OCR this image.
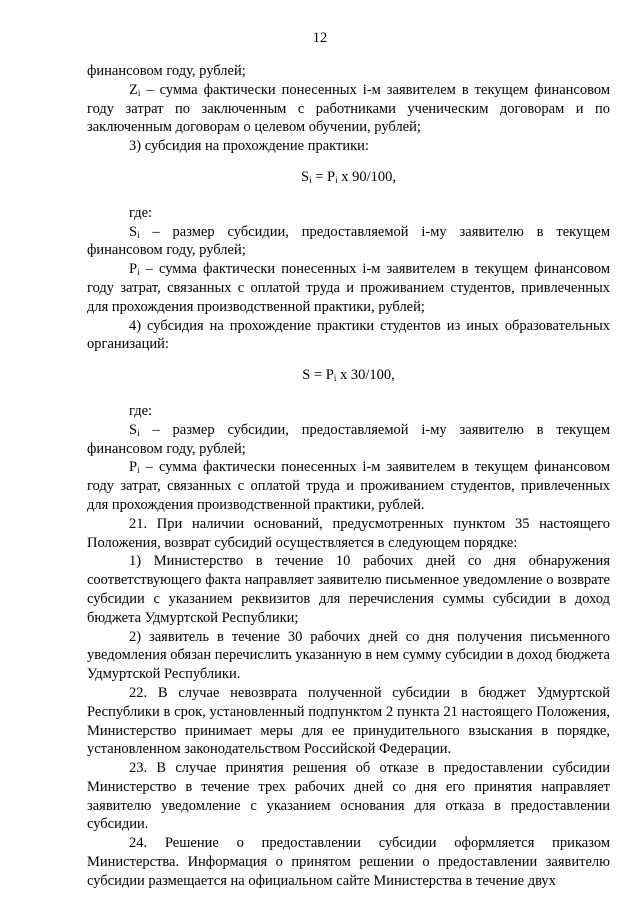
12

финансовом году, рублей;

$Z_i$ – сумма фактически понесенных i-м заявителем в текущем финансовом году затрат по заключенным с работниками ученическим договорам и по заключенным договорам о целевом обучении, рублей;

3) субсидия на прохождение практики:

$S_i = P_i$ x 90/100,

где:

$S_i$ – размер субсидии, предоставляемой i-му заявителю в текущем финансовом году, рублей;

$P_i$ – сумма фактически понесенных i-м заявителем в текущем финансовом году затрат, связанных с оплатой труда и проживанием студентов, привлеченных для прохождения производственной практики, рублей;

4) субсидия на прохождение практики студентов из иных образовательных организаций:

$S = P_i$ x 30/100,

где:

$S_i$ – размер субсидии, предоставляемой i-му заявителю в текущем финансовом году, рублей;

$P_i$ – сумма фактически понесенных i-м заявителем в текущем финансовом году затрат, связанных с оплатой труда и проживанием студентов, привлеченных для прохождения производственной практики, рублей.

21. При наличии оснований, предусмотренных пунктом 35 настоящего Положения, возврат субсидий осуществляется в следующем порядке:

1) Министерство в течение 10 рабочих дней со дня обнаружения соответствующего факта направляет заявителю письменное уведомление о возврате субсидии с указанием реквизитов для перечисления суммы субсидии в доход бюджета Удмуртской Республики;

2) заявитель в течение 30 рабочих дней со дня получения письменного уведомления обязан перечислить указанную в нем сумму субсидии в доход бюджета Удмуртской Республики.

22. В случае невозврата полученной субсидии в бюджет Удмуртской Республики в срок, установленный подпунктом 2 пункта 21 настоящего Положения, Министерство принимает меры для ее принудительного взыскания в порядке, установленном законодательством Российской Федерации.

23. В случае принятия решения об отказе в предоставлении субсидии Министерство в течение трех рабочих дней со дня его принятия направляет заявителю уведомление с указанием основания для отказа в предоставлении субсидии.

24. Решение о предоставлении субсидии оформляется приказом Министерства. Информация о принятом решении о предоставлении заявителю субсидии размещается на официальном сайте Министерства в течение двух
